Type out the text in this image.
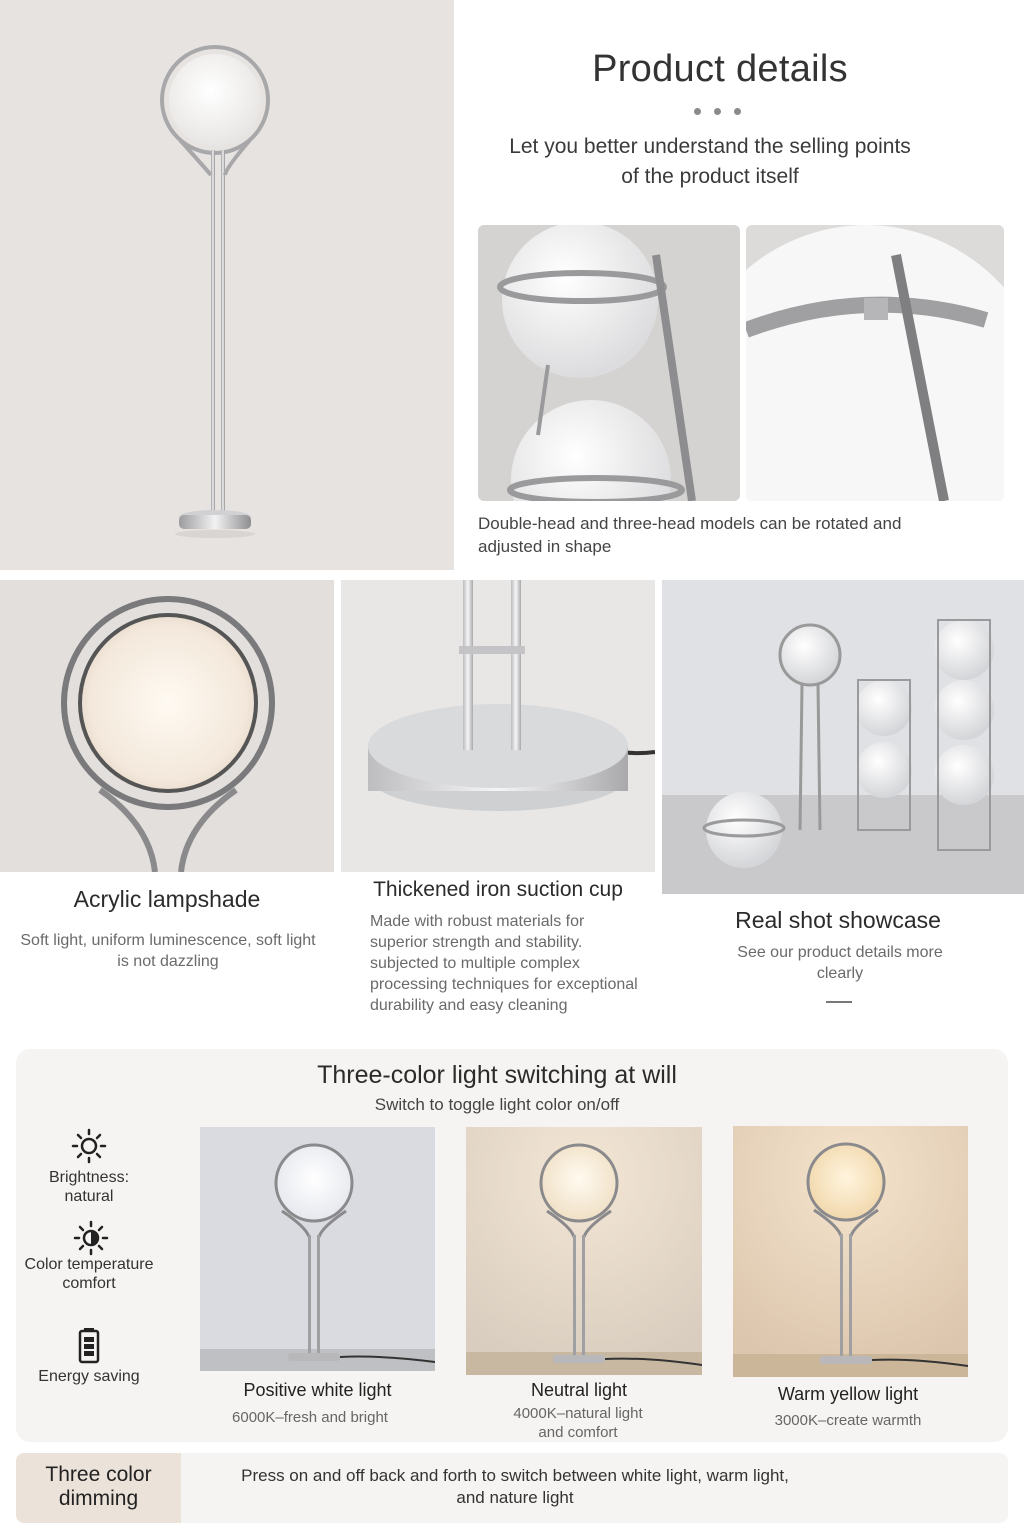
Product details
Let you better understand the selling points of the product itself
Double-head and three-head models can be rotated and adjusted in shape
Acrylic lampshade
Soft light, uniform luminescence, soft light is not dazzling
Thickened iron suction cup
Made with robust materials for superior strength and stability. subjected to multiple complex processing techniques for exceptional durability and easy cleaning
Real shot showcase
See our product details more clearly
Three-color light switching at will
Switch to toggle light color on/off
Brightness: natural
Color temperature comfort
Energy saving
Positive white light
6000K–fresh and bright
Neutral light
4000K–natural light and comfort
Warm yellow light
3000K–create warmth
Three color dimming
Press on and off back and forth to switch between white light, warm light, and nature light
